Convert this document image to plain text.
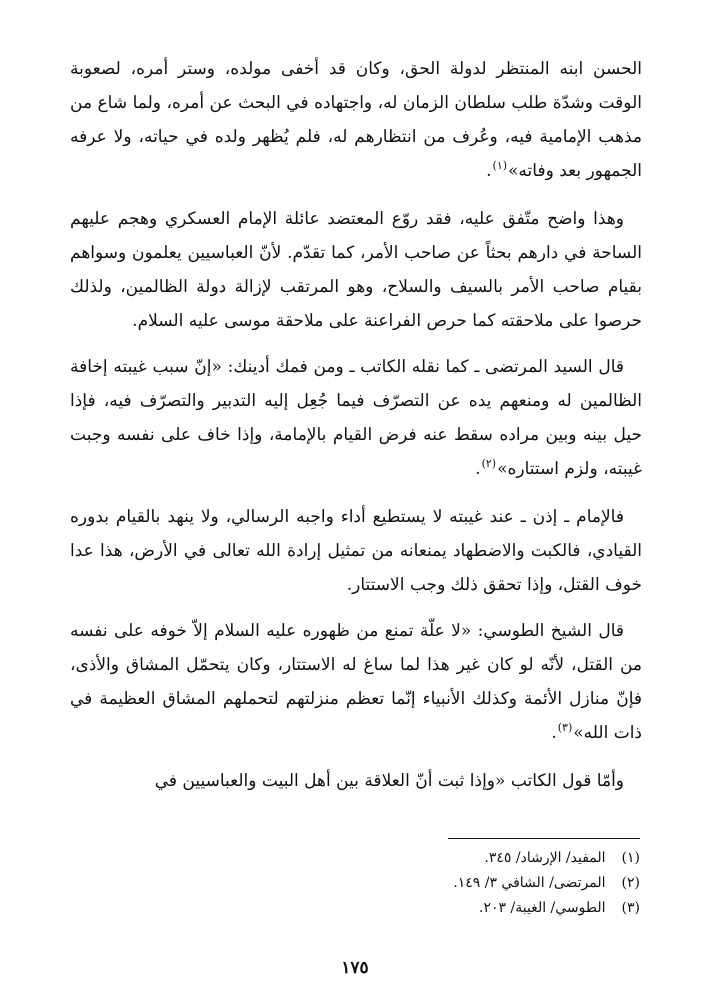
الحسن ابنه المنتظر لدولة الحق، وكان قد أخفى مولده، وستر أمره، لصعوبة الوقت وشدّة طلب سلطان الزمان له، واجتهاده في البحث عن أمره، ولما شاع من مذهب الإمامية فيه، وعُرف من انتظارهم له، فلم يُظهر ولده في حياته، ولا عرفه الجمهور بعد وفاته»$^{(١)}$.

وهذا واضح متّفق عليه، فقد روّع المعتضد عائلة الإمام العسكري وهجم عليهم الساحة في دارهم بحثاً عن صاحب الأمر، كما تقدّم. لأنّ العباسيين يعلمون وسواهم بقيام صاحب الأمر بالسيف والسلاح، وهو المرتقب لإزالة دولة الظالمين، ولذلك حرصوا على ملاحقته كما حرص الفراعنة على ملاحقة موسى عليه السلام.

قال السيد المرتضى ـ كما نقله الكاتب ـ ومن فمك أدينك: «إنّ سبب غيبته إخافة الظالمين له ومنعهم يده عن التصرّف فيما جُعِل إليه التدبير والتصرّف فيه، فإذا حيل بينه وبين مراده سقط عنه فرض القيام بالإمامة، وإذا خاف على نفسه وجبت غيبته، ولزم استتاره»$^{(٢)}$.

فالإمام ـ إذن ـ عند غيبته لا يستطيع أداء واجبه الرسالي، ولا ينهد بالقيام بدوره القيادي، فالكبت والاضطهاد يمنعانه من تمثيل إرادة الله تعالى في الأرض، هذا عدا خوف القتل، وإذا تحقق ذلك وجب الاستتار.

قال الشيخ الطوسي: «لا علّة تمنع من ظهوره عليه السلام إلاّ خوفه على نفسه من القتل، لأنّه لو كان غير هذا لما ساغ له الاستتار، وكان يتحمّل المشاق والأذى، فإنّ منازل الأئمة وكذلك الأنبياء إنّما تعظم منزلتهم لتحملهم المشاق العظيمة في ذات الله»$^{(٣)}$.

وأمّا قول الكاتب «وإذا ثبت أنّ العلاقة بين أهل البيت والعباسيين في

(١) المفيد/ الإرشاد/ ٣٤٥.
(٢) المرتضى/ الشافي ٣/ ١٤٩.
(٣) الطوسي/ الغيبة/ ٢٠٣.
١٧٥
